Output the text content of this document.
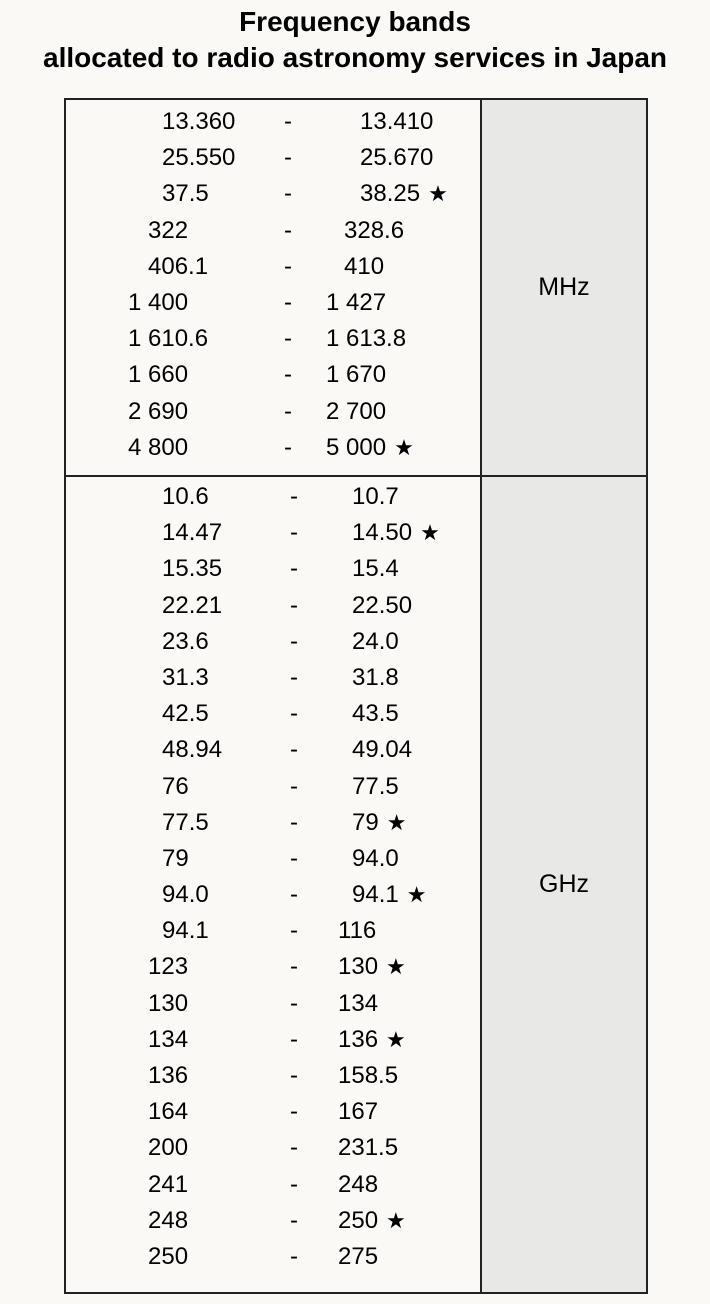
Frequency bands
allocated to radio astronomy services in Japan
13.360 -	13.410
25.550 -	25.670
37.5	-	38.25 ★
322	- 328.6
406.1	- 410
1 400	- 1 427
1 610.6	- 1 613.8
1 660	- 1 670
2 690	- 2 700
4 800	- 5 000 ★
MHz
10.6	- 10.7
14.47	- 14.50 ★
15.35	- 15.4
22.21	- 22.50
23.6	- 24.0
31.3	- 31.8
42.5	- 43.5
48.94	- 49.04
76	- 77.5
77.5	- 79 ★
79	- 94.0
94.0	- 94.1 ★
94.1	- 116
123	- 130 ★
130	- 134
134	- 136 ★
136	- 158.5
164	- 167
200	- 231.5
241	- 248
248	- 250 ★
250	- 275
GHz
